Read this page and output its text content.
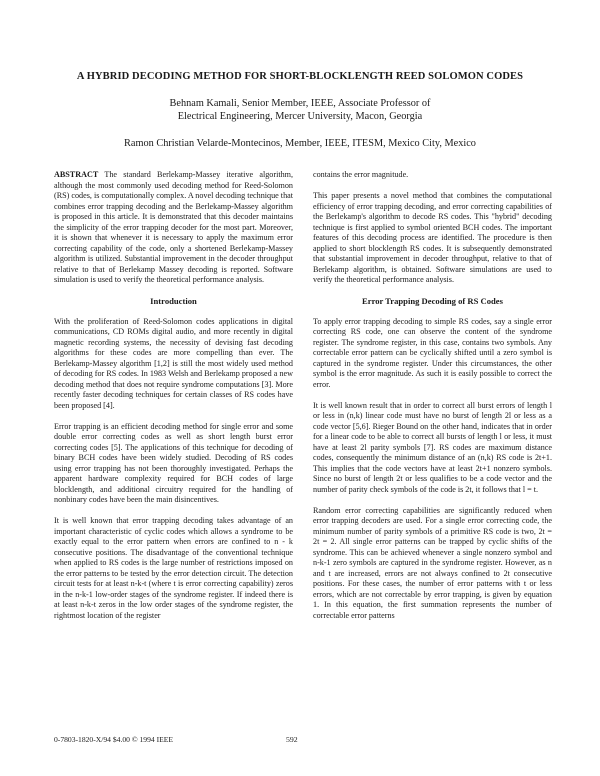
A HYBRID DECODING METHOD FOR SHORT-BLOCKLENGTH REED SOLOMON CODES
Behnam Kamali, Senior Member, IEEE, Associate Professor of
Electrical Engineering, Mercer University, Macon, Georgia
Ramon Christian Velarde-Montecinos, Member, IEEE, ITESM, Mexico City, Mexico

ABSTRACT The standard Berlekamp-Massey iterative algorithm, although the most commonly used decoding method for Reed-Solomon (RS) codes, is computationally complex. A novel decoding technique that combines error trapping decoding and the Berlekamp-Massey algorithm is proposed in this article. It is demonstrated that this decoder maintains the simplicity of the error trapping decoder for the most part. Moreover, it is shown that whenever it is necessary to apply the maximum error correcting capability of the code, only a shortened Berlekamp-Massey algorithm is utilized. Substantial improvement in the decoder throughput relative to that of Berlekamp Massey decoding is reported. Software simulation is used to verify the theoretical performance analysis.

Introduction

With the proliferation of Reed-Solomon codes applications in digital communications, CD ROMs digital audio, and more recently in digital magnetic recording systems, the necessity of devising fast decoding algorithms for these codes are more compelling than ever. The Berlekamp-Massey algorithm [1,2] is still the most widely used method of decoding for RS codes. In 1983 Welsh and Berlekamp proposed a new decoding method that does not require syndrome computations [3]. More recently faster decoding techniques for certain classes of RS codes have been proposed [4].

Error trapping is an efficient decoding method for single error and some double error correcting codes as well as short length burst error correcting codes [5]. The applications of this technique for decoding of binary BCH codes have been widely studied. Decoding of RS codes using error trapping has not been thoroughly investigated. Perhaps the apparent hardware complexity required for BCH codes of large blocklength, and additional circuitry required for the handling of nonbinary codes have been the main disincentives.

It is well known that error trapping decoding takes advantage of an important characteristic of cyclic codes which allows a syndrome to be exactly equal to the error pattern when errors are confined to n - k consecutive positions. The disadvantage of the conventional technique when applied to RS codes is the large number of restrictions imposed on the error patterns to be tested by the error detection circuit. The detection circuit tests for at least n-k-t (where t is error correcting capability) zeros in the n-k-1 low-order stages of the syndrome register. If indeed there is at least n-k-t zeros in the low order stages of the syndrome register, the rightmost location of the register

contains the error magnitude.

This paper presents a novel method that combines the computational efficiency of error trapping decoding, and error correcting capabilities of the Berlekamp's algorithm to decode RS codes. This "hybrid" decoding technique is first applied to symbol oriented BCH codes. The important features of this decoding process are identified. The procedure is then applied to short blocklength RS codes. It is subsequently demonstrated that substantial improvement in decoder throughput, relative to that of Berlekamp algorithm, is obtained. Software simulations are used to verify the theoretical performance analysis.

Error Trapping Decoding of RS Codes

To apply error trapping decoding to simple RS codes, say a single error correcting RS code, one can observe the content of the syndrome register. The syndrome register, in this case, contains two symbols. Any correctable error pattern can be cyclically shifted until a zero symbol is captured in the syndrome register. Under this circumstances, the other symbol is the error magnitude. As such it is easily possible to correct the error.

It is well known result that in order to correct all burst errors of length l or less in (n,k) linear code must have no burst of length 2l or less as a code vector [5,6]. Rieger Bound on the other hand, indicates that in order for a linear code to be able to correct all bursts of length l or less, it must have at least 2l parity symbols [7]. RS codes are maximum distance codes, consequently the minimum distance of an (n,k) RS code is 2t+1. This implies that the code vectors have at least 2t+1 nonzero symbols. Since no burst of length 2t or less qualifies to be a code vector and the number of parity check symbols of the code is 2t, it follows that l = t.

Random error correcting capabilities are significantly reduced when error trapping decoders are used. For a single error correcting code, the minimum number of parity symbols of a primitive RS code is two, 2t = 2t = 2. All single error patterns can be trapped by cyclic shifts of the syndrome. This can be achieved whenever a single nonzero symbol and n-k-1 zero symbols are captured in the syndrome register. However, as n and t are increased, errors are not always confined to 2t consecutive positions. For these cases, the number of error patterns with t or less errors, which are not correctable by error trapping, is given by equation 1. In this equation, the first summation represents the number of correctable error patterns

0-7803-1820-X/94 $4.00 © 1994 IEEE	592
